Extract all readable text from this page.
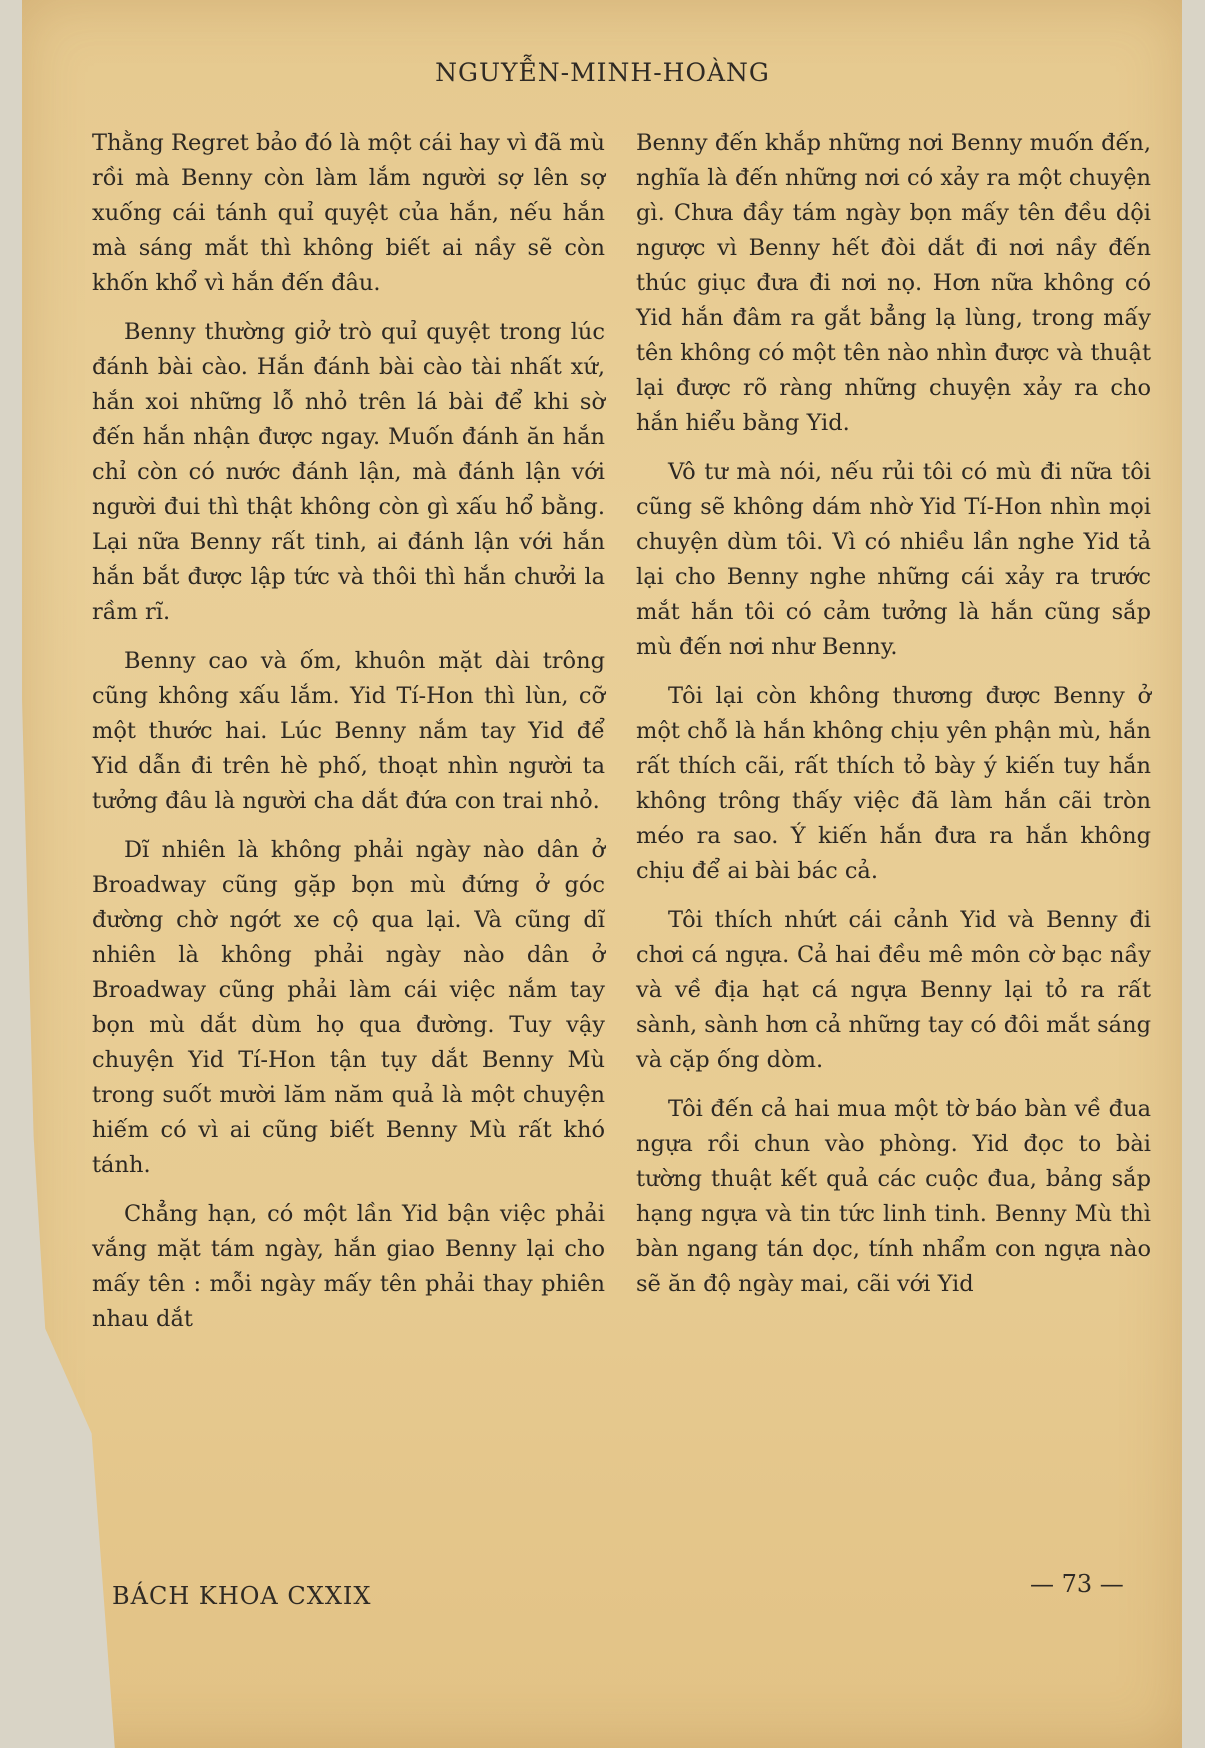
NGUYỄN-MINH-HOÀNG

Thằng Regret bảo đó là một cái hay vì đã mù rồi mà Benny còn làm lắm người sợ lên sợ xuống cái tánh quỉ quyệt của hắn, nếu hắn mà sáng mắt thì không biết ai nầy sẽ còn khốn khổ vì hắn đến đâu.

Benny thường giở trò quỉ quyệt trong lúc đánh bài cào. Hắn đánh bài cào tài nhất xứ, hắn xoi những lỗ nhỏ trên lá bài để khi sờ đến hắn nhận được ngay. Muốn đánh ăn hắn chỉ còn có nước đánh lận, mà đánh lận với người đui thì thật không còn gì xấu hổ bằng. Lại nữa Benny rất tinh, ai đánh lận với hắn hắn bắt được lập tức và thôi thì hắn chưởi la rầm rĩ.

Benny cao và ốm, khuôn mặt dài trông cũng không xấu lắm. Yid Tí-Hon thì lùn, cỡ một thước hai. Lúc Benny nắm tay Yid để Yid dẫn đi trên hè phố, thoạt nhìn người ta tưởng đâu là người cha dắt đứa con trai nhỏ.

Dĩ nhiên là không phải ngày nào dân ở Broadway cũng gặp bọn mù đứng ở góc đường chờ ngớt xe cộ qua lại. Và cũng dĩ nhiên là không phải ngày nào dân ở Broadway cũng phải làm cái việc nắm tay bọn mù dắt dùm họ qua đường. Tuy vậy chuyện Yid Tí-Hon tận tụy dắt Benny Mù trong suốt mười lăm năm quả là một chuyện hiếm có vì ai cũng biết Benny Mù rất khó tánh.

Chẳng hạn, có một lần Yid bận việc phải vắng mặt tám ngày, hắn giao Benny lại cho mấy tên : mỗi ngày mấy tên phải thay phiên nhau dắt

Benny đến khắp những nơi Benny muốn đến, nghĩa là đến những nơi có xảy ra một chuyện gì. Chưa đầy tám ngày bọn mấy tên đều dội ngược vì Benny hết đòi dắt đi nơi nầy đến thúc giục đưa đi nơi nọ. Hơn nữa không có Yid hắn đâm ra gắt bẳng lạ lùng, trong mấy tên không có một tên nào nhìn được và thuật lại được rõ ràng những chuyện xảy ra cho hắn hiểu bằng Yid.

Vô tư mà nói, nếu rủi tôi có mù đi nữa tôi cũng sẽ không dám nhờ Yid Tí-Hon nhìn mọi chuyện dùm tôi. Vì có nhiều lần nghe Yid tả lại cho Benny nghe những cái xảy ra trước mắt hắn tôi có cảm tưởng là hắn cũng sắp mù đến nơi như Benny.

Tôi lại còn không thương được Benny ở một chỗ là hắn không chịu yên phận mù, hắn rất thích cãi, rất thích tỏ bày ý kiến tuy hắn không trông thấy việc đã làm hắn cãi tròn méo ra sao. Ý kiến hắn đưa ra hắn không chịu để ai bài bác cả.

Tôi thích nhứt cái cảnh Yid và Benny đi chơi cá ngựa. Cả hai đều mê môn cờ bạc nầy và về địa hạt cá ngựa Benny lại tỏ ra rất sành, sành hơn cả những tay có đôi mắt sáng và cặp ống dòm.

Tôi đến cả hai mua một tờ báo bàn về đua ngựa rồi chun vào phòng. Yid đọc to bài tường thuật kết quả các cuộc đua, bảng sắp hạng ngựa và tin tức linh tinh. Benny Mù thì bàn ngang tán dọc, tính nhẩm con ngựa nào sẽ ăn độ ngày mai, cãi với Yid

BÁCH KHOA CXXIX	— 73 —
